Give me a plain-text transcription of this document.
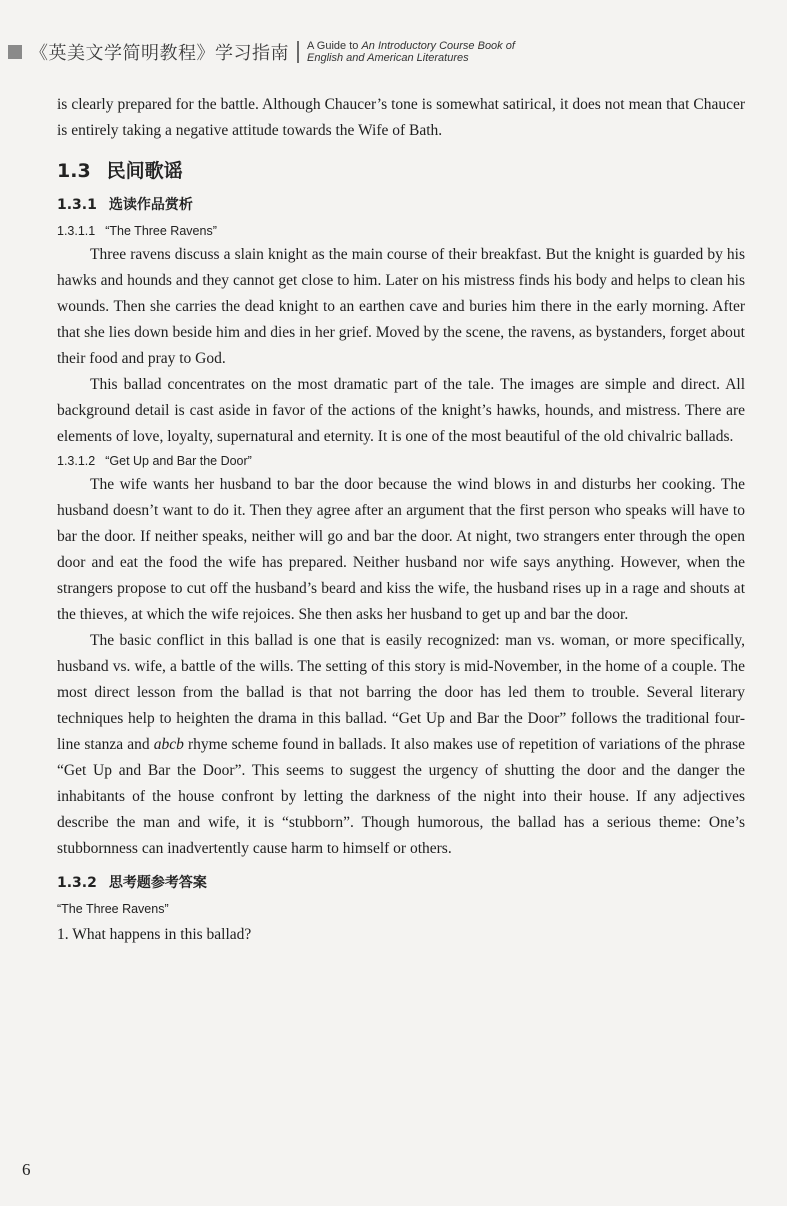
《英美文学简明教程》学习指南 A Guide to An Introductory Course Book of
English and American Literatures

is clearly prepared for the battle. Although Chaucer’s tone is somewhat satirical, it does not mean that Chaucer is entirely taking a negative attitude towards the Wife of Bath.

1.3 民间歌谣
1.3.1 选读作品赏析
1.3.1.1 “The Three Ravens”

Three ravens discuss a slain knight as the main course of their breakfast. But the knight is guarded by his hawks and hounds and they cannot get close to him. Later on his mistress finds his body and helps to clean his wounds. Then she carries the dead knight to an earthen cave and buries him there in the early morning. After that she lies down beside him and dies in her grief. Moved by the scene, the ravens, as bystanders, forget about their food and pray to God.

This ballad concentrates on the most dramatic part of the tale. The images are simple and direct. All background detail is cast aside in favor of the actions of the knight’s hawks, hounds, and mistress. There are elements of love, loyalty, supernatural and eternity. It is one of the most beautiful of the old chivalric ballads.

1.3.1.2 “Get Up and Bar the Door”

The wife wants her husband to bar the door because the wind blows in and disturbs her cooking. The husband doesn’t want to do it. Then they agree after an argument that the first person who speaks will have to bar the door. If neither speaks, neither will go and bar the door. At night, two strangers enter through the open door and eat the food the wife has prepared. Neither husband nor wife says anything. However, when the strangers propose to cut off the husband’s beard and kiss the wife, the husband rises up in a rage and shouts at the thieves, at which the wife rejoices. She then asks her husband to get up and bar the door.

The basic conflict in this ballad is one that is easily recognized: man vs. woman, or more specifically, husband vs. wife, a battle of the wills. The setting of this story is mid-November, in the home of a couple. The most direct lesson from the ballad is that not barring the door has led them to trouble. Several literary techniques help to heighten the drama in this ballad. “Get Up and Bar the Door” follows the traditional four-line stanza and abcb rhyme scheme found in ballads. It also makes use of repetition of variations of the phrase “Get Up and Bar the Door”. This seems to suggest the urgency of shutting the door and the danger the inhabitants of the house confront by letting the darkness of the night into their house. If any adjectives describe the man and wife, it is “stubborn”. Though humorous, the ballad has a serious theme: One’s stubbornness can inadvertently cause harm to himself or others.

1.3.2 思考题参考答案
“The Three Ravens”

1. What happens in this ballad?

6
